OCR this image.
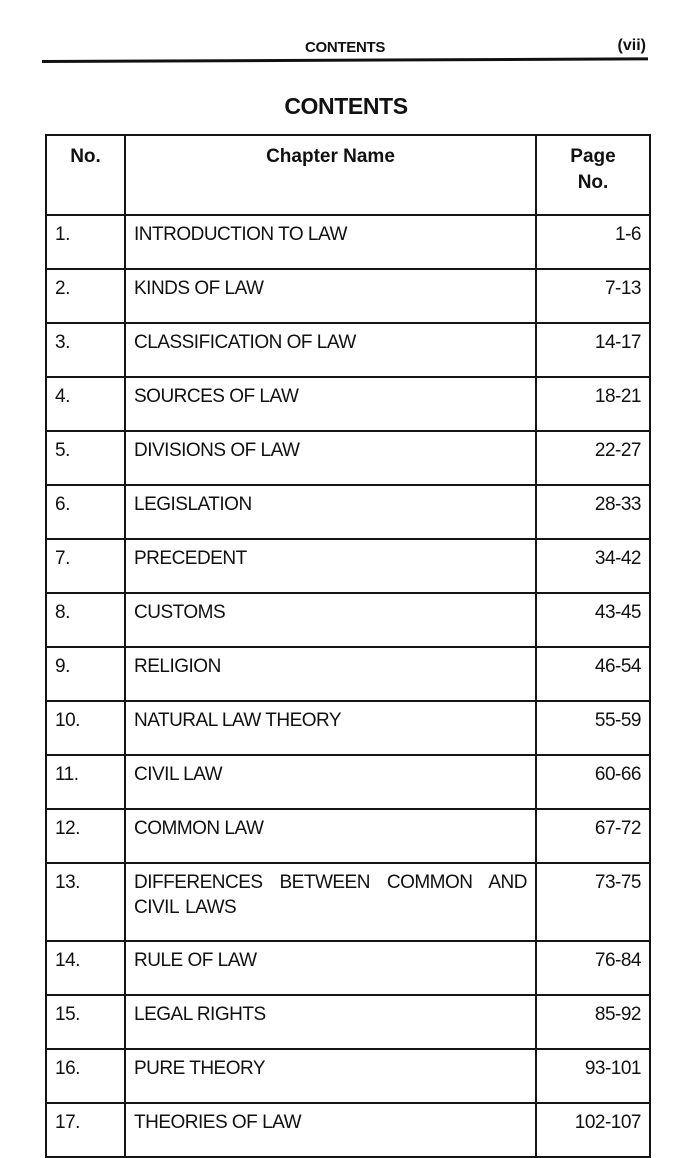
CONTENTS	(vii)
CONTENTS
No.	Chapter Name	Page
No.
1.	INTRODUCTION TO LAW	1-6
2.	KINDS OF LAW	7-13
3.	CLASSIFICATION OF LAW	14-17
4.	SOURCES OF LAW	18-21
5.	DIVISIONS OF LAW	22-27
6.	LEGISLATION	28-33
7.	PRECEDENT	34-42
8.	CUSTOMS	43-45
9.	RELIGION	46-54
10.	NATURAL LAW THEORY	55-59
11.	CIVIL LAW	60-66
12.	COMMON LAW	67-72
13.	DIFFERENCES BETWEEN COMMON AND CIVIL LAWS	73-75
14.	RULE OF LAW	76-84
15.	LEGAL RIGHTS	85-92
16.	PURE THEORY	93-101
17.	THEORIES OF LAW	102-107
